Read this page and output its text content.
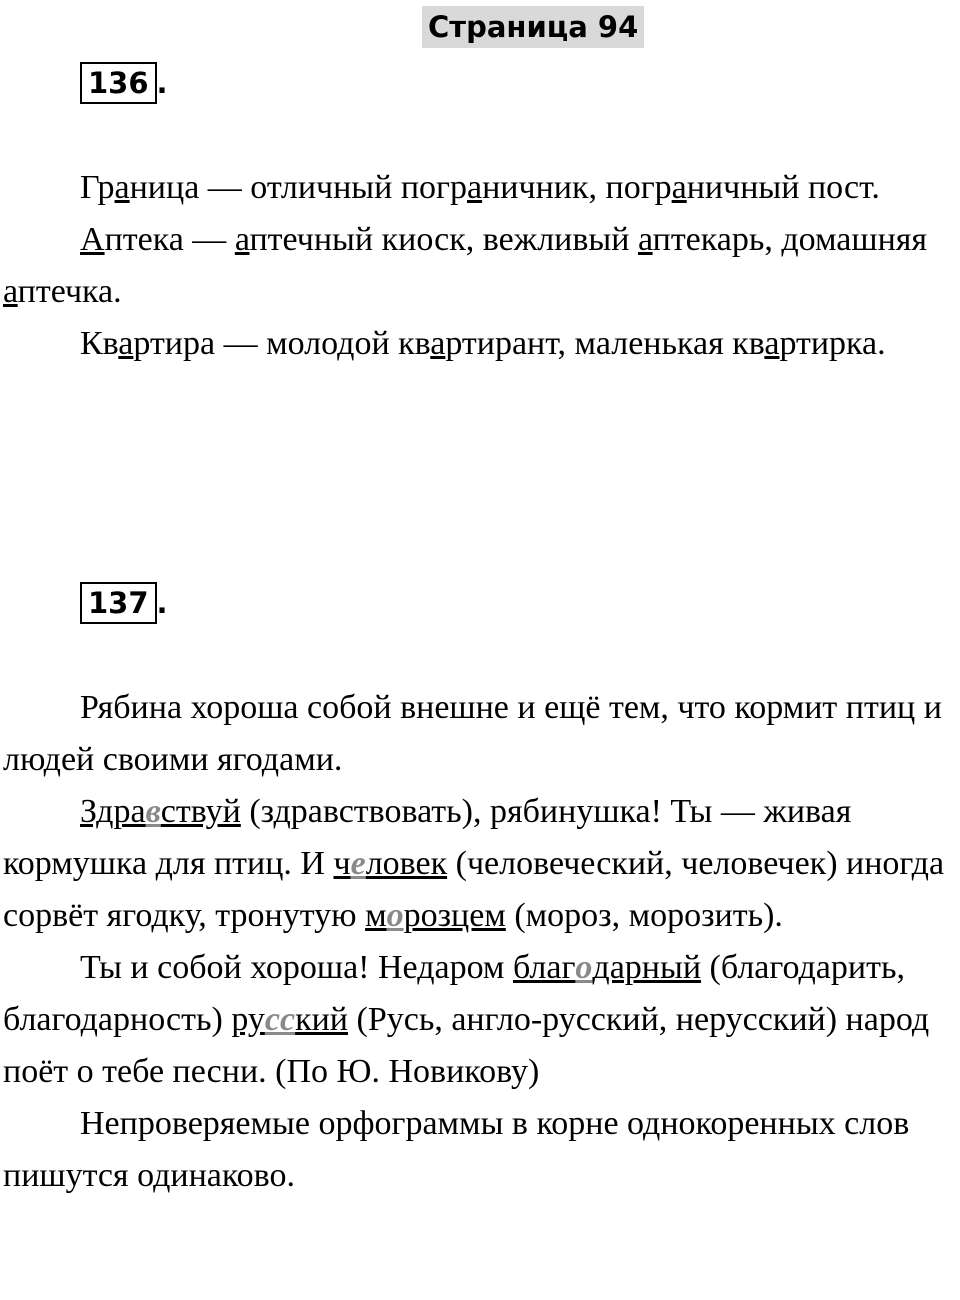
Страница 94
136 .

Граница — отличный пограничник, пограничный пост.

Аптека — аптечный киоск, вежливый аптекарь, домашняя аптечка.

Квартира — молодой квартирант, маленькая квартирка.

137 .

Рябина хороша собой внешне и ещё тем, что кормит птиц и людей своими ягодами.

Здравствуй (здравствовать), рябинушка! Ты — живая кормушка для птиц. И человек (человеческий, человечек) иногда сорвёт ягодку, тронутую морозцем (мороз, морозить).

Ты и собой хороша! Недаром благодарный (благодарить, благодарность) русский (Русь, англо-русский, нерусский) народ поёт о тебе песни. (По Ю. Новикову)

Непроверяемые орфограммы в корне однокоренных слов пишутся одинаково.
